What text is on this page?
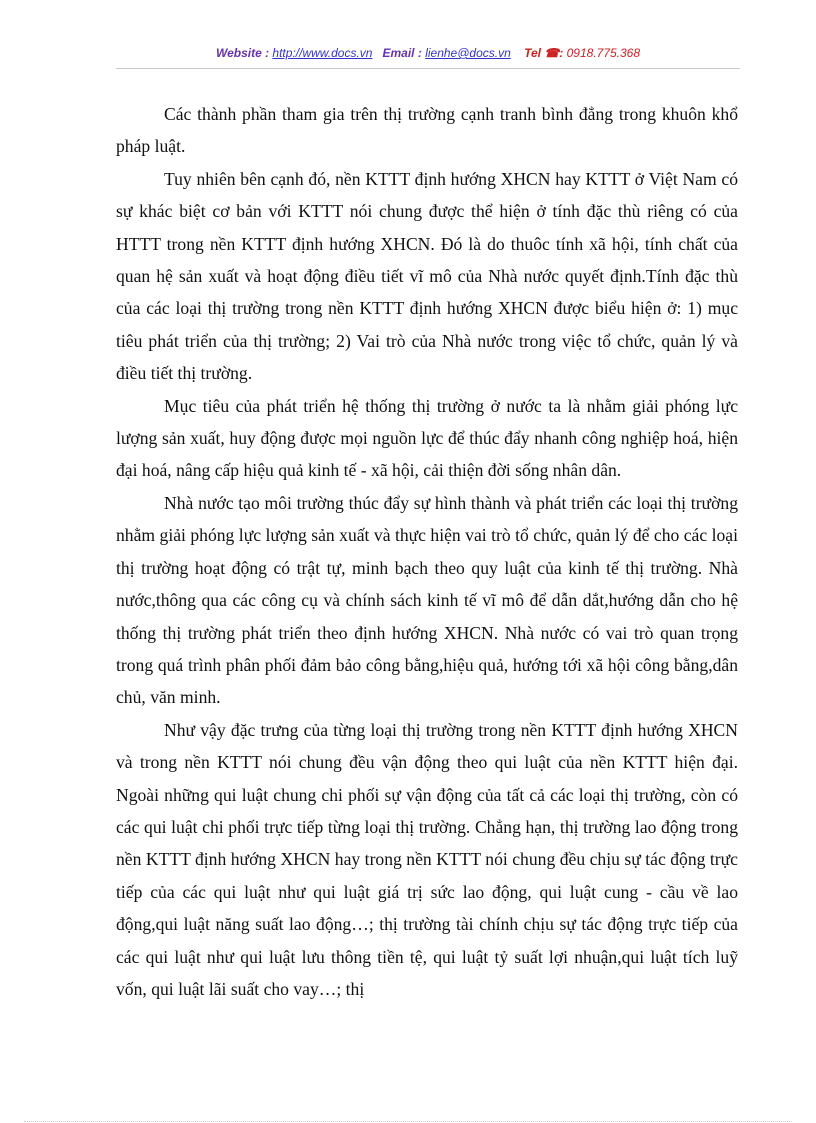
Website : http://www.docs.vn Email : lienhe@docs.vn Tel ☎: 0918.775.368

Các thành phần tham gia trên thị trường cạnh tranh bình đẳng trong khuôn khổ pháp luật.

Tuy nhiên bên cạnh đó, nền KTTT định hướng XHCN hay KTTT ở Việt Nam có sự khác biệt cơ bản với KTTT nói chung được thể hiện ở tính đặc thù riêng có của HTTT trong nền KTTT định hướng XHCN. Đó là do thuôc tính xã hội, tính chất của quan hệ sản xuất và hoạt động điều tiết vĩ mô của Nhà nước quyết định.Tính đặc thù của các loại thị trường trong nền KTTT định hướng XHCN được biểu hiện ở: 1) mục tiêu phát triển của thị trường; 2) Vai trò của Nhà nước trong việc tổ chức, quản lý và điều tiết thị trường.

Mục tiêu của phát triển hệ thống thị trường ở nước ta là nhằm giải phóng lực lượng sản xuất, huy động được mọi nguồn lực để thúc đẩy nhanh công nghiệp hoá, hiện đại hoá, nâng cấp hiệu quả kinh tế - xã hội, cải thiện đời sống nhân dân.

Nhà nước tạo môi trường thúc đẩy sự hình thành và phát triển các loại thị trường nhằm giải phóng lực lượng sản xuất và thực hiện vai trò tổ chức, quản lý để cho các loại thị trường hoạt động có trật tự, minh bạch theo quy luật của kinh tế thị trường. Nhà nước,thông qua các công cụ và chính sách kinh tế vĩ mô để dẫn dắt,hướng dẫn cho hệ thống thị trường phát triển theo định hướng XHCN. Nhà nước có vai trò quan trọng trong quá trình phân phối đảm bảo công bằng,hiệu quả, hướng tới xã hội công bằng,dân chủ, văn minh.

Như vậy đặc trưng của từng loại thị trường trong nền KTTT định hướng XHCN và trong nền KTTT nói chung đều vận động theo qui luật của nền KTTT hiện đại. Ngoài những qui luật chung chi phối sự vận động của tất cả các loại thị trường, còn có các qui luật chi phối trực tiếp từng loại thị trường. Chẳng hạn, thị trường lao động trong nền KTTT định hướng XHCN hay trong nền KTTT nói chung đều chịu sự tác động trực tiếp của các qui luật như qui luật giá trị sức lao động, qui luật cung - cầu về lao động,qui luật năng suất lao động…; thị trường tài chính chịu sự tác động trực tiếp của các qui luật như qui luật lưu thông tiền tệ, qui luật tỷ suất lợi nhuận,qui luật tích luỹ vốn, qui luật lãi suất cho vay…; thị
